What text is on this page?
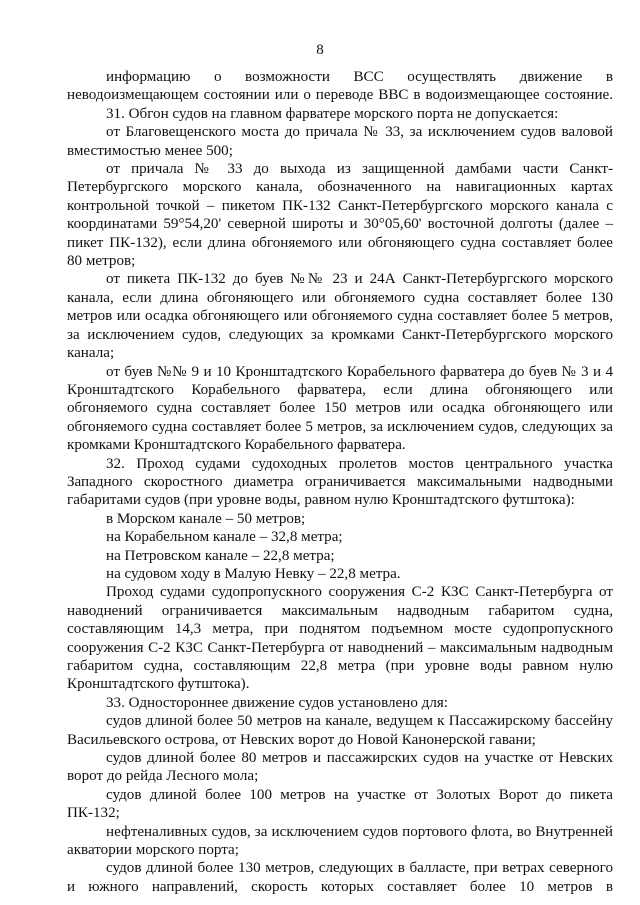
8

информацию о возможности ВСС осуществлять движение в неводоизмещающем состоянии или о переводе ВВС в водоизмещающее состояние.

31. Обгон судов на главном фарватере морского порта не допускается:

от Благовещенского моста до причала № 33, за исключением судов валовой вместимостью менее 500;

от причала № 33 до выхода из защищенной дамбами части Санкт-Петербургского морского канала, обозначенного на навигационных картах контрольной точкой – пикетом ПК-132 Санкт-Петербургского морского канала с координатами 59°54,20' северной широты и 30°05,60' восточной долготы (далее – пикет ПК-132), если длина обгоняемого или обгоняющего судна составляет более 80 метров;

от пикета ПК-132 до буев №№ 23 и 24А Санкт-Петербургского морского канала, если длина обгоняющего или обгоняемого судна составляет более 130 метров или осадка обгоняющего или обгоняемого судна составляет более 5 метров, за исключением судов, следующих за кромками Санкт-Петербургского морского канала;

от буев №№ 9 и 10 Кронштадтского Корабельного фарватера до буев № 3 и 4 Кронштадтского Корабельного фарватера, если длина обгоняющего или обгоняемого судна составляет более 150 метров или осадка обгоняющего или обгоняемого судна составляет более 5 метров, за исключением судов, следующих за кромками Кронштадтского Корабельного фарватера.

32. Проход судами судоходных пролетов мостов центрального участка Западного скоростного диаметра ограничивается максимальными надводными габаритами судов (при уровне воды, равном нулю Кронштадтского футштока):

в Морском канале – 50 метров;

на Корабельном канале – 32,8 метра;

на Петровском канале – 22,8 метра;

на судовом ходу в Малую Невку – 22,8 метра.

Проход судами судопропускного сооружения С-2 КЗС Санкт-Петербурга от наводнений ограничивается максимальным надводным габаритом судна, составляющим 14,3 метра, при поднятом подъемном мосте судопропускного сооружения С-2 КЗС Санкт-Петербурга от наводнений – максимальным надводным габаритом судна, составляющим 22,8 метра (при уровне воды равном нулю Кронштадтского футштока).

33. Одностороннее движение судов установлено для:

судов длиной более 50 метров на канале, ведущем к Пассажирскому бассейну Васильевского острова, от Невских ворот до Новой Канонерской гавани;

судов длиной более 80 метров и пассажирских судов на участке от Невских ворот до рейда Лесного мола;

судов длиной более 100 метров на участке от Золотых Ворот до пикета ПК-132;

нефтеналивных судов, за исключением судов портового флота, во Внутренней акватории морского порта;

судов длиной более 130 метров, следующих в балласте, при ветрах северного и южного направлений, скорость которых составляет более 10 метров в
